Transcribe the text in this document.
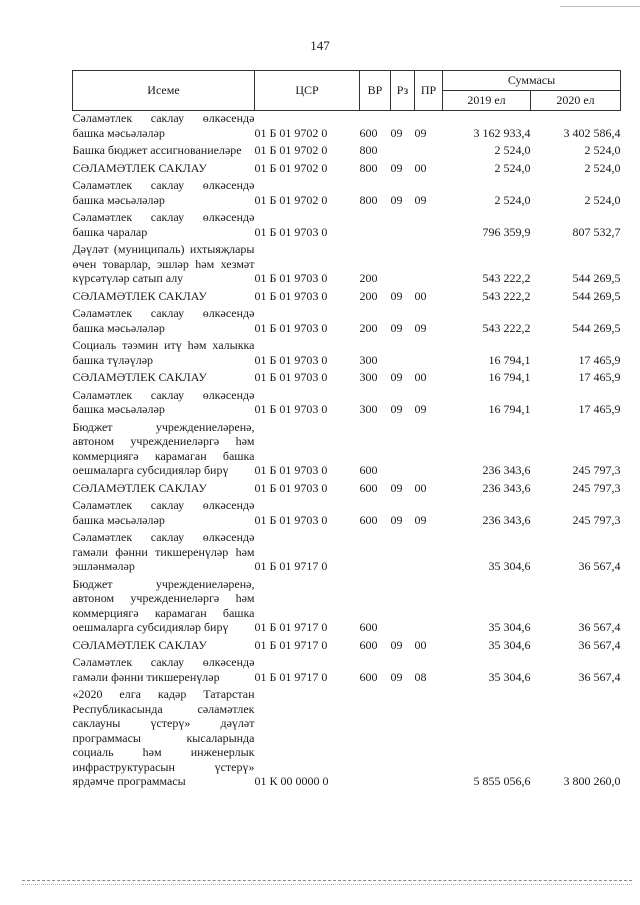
147
Исеме	ЦСР	ВР	Рз	ПР	Суммасы	
					2019 ел	2020 ел
Сәламәтлек саклау өлкәсендә башка мәсьәләләр	01 Б 01 9702 0	600	09	09	3 162 933,4	3 402 586,4
Башка бюджет ассигнованиеләре	01 Б 01 9702 0	800			2 524,0	2 524,0
СӘЛАМӘТЛЕК САКЛАУ	01 Б 01 9702 0	800	09	00	2 524,0	2 524,0
Сәламәтлек саклау өлкәсендә башка мәсьәләләр	01 Б 01 9702 0	800	09	09	2 524,0	2 524,0
Сәламәтлек саклау өлкәсендә башка чаралар	01 Б 01 9703 0				796 359,9	807 532,7
Дәүләт (муниципаль) ихтыяҗлары өчен товарлар, эшләр һәм хезмәт күрсәтүләр сатып алу	01 Б 01 9703 0	200			543 222,2	544 269,5
СӘЛАМӘТЛЕК САКЛАУ	01 Б 01 9703 0	200	09	00	543 222,2	544 269,5
Сәламәтлек саклау өлкәсендә башка мәсьәләләр	01 Б 01 9703 0	200	09	09	543 222,2	544 269,5
Социаль тәэмин итү һәм халыкка башка түләүләр	01 Б 01 9703 0	300			16 794,1	17 465,9
СӘЛАМӘТЛЕК САКЛАУ	01 Б 01 9703 0	300	09	00	16 794,1	17 465,9
Сәламәтлек саклау өлкәсендә башка мәсьәләләр	01 Б 01 9703 0	300	09	09	16 794,1	17 465,9
Бюджет учреждениеләренә, автоном учреждениеләргә һәм коммерциягә карамаган башка оешмаларга субсидияләр бирү	01 Б 01 9703 0	600			236 343,6	245 797,3
СӘЛАМӘТЛЕК САКЛАУ	01 Б 01 9703 0	600	09	00	236 343,6	245 797,3
Сәламәтлек саклау өлкәсендә башка мәсьәләләр	01 Б 01 9703 0	600	09	09	236 343,6	245 797,3
Сәламәтлек саклау өлкәсендә гамәли фәнни тикшеренүләр һәм эшләнмәләр	01 Б 01 9717 0				35 304,6	36 567,4
Бюджет учреждениеләренә, автоном учреждениеләргә һәм коммерциягә карамаган башка оешмаларга субсидияләр бирү	01 Б 01 9717 0	600			35 304,6	36 567,4
СӘЛАМӘТЛЕК САКЛАУ	01 Б 01 9717 0	600	09	00	35 304,6	36 567,4
Сәламәтлек саклау өлкәсендә гамәли фәнни тикшеренүләр	01 Б 01 9717 0	600	09	08	35 304,6	36 567,4
«2020 елга кадәр Татарстан Республикасында сәламәтлек саклауны үстерү» дәүләт программасы кысаларында социаль һәм инженерлык инфраструктурасын үстерү» ярдәмче программасы	01 К 00 0000 0				5 855 056,6	3 800 260,0
